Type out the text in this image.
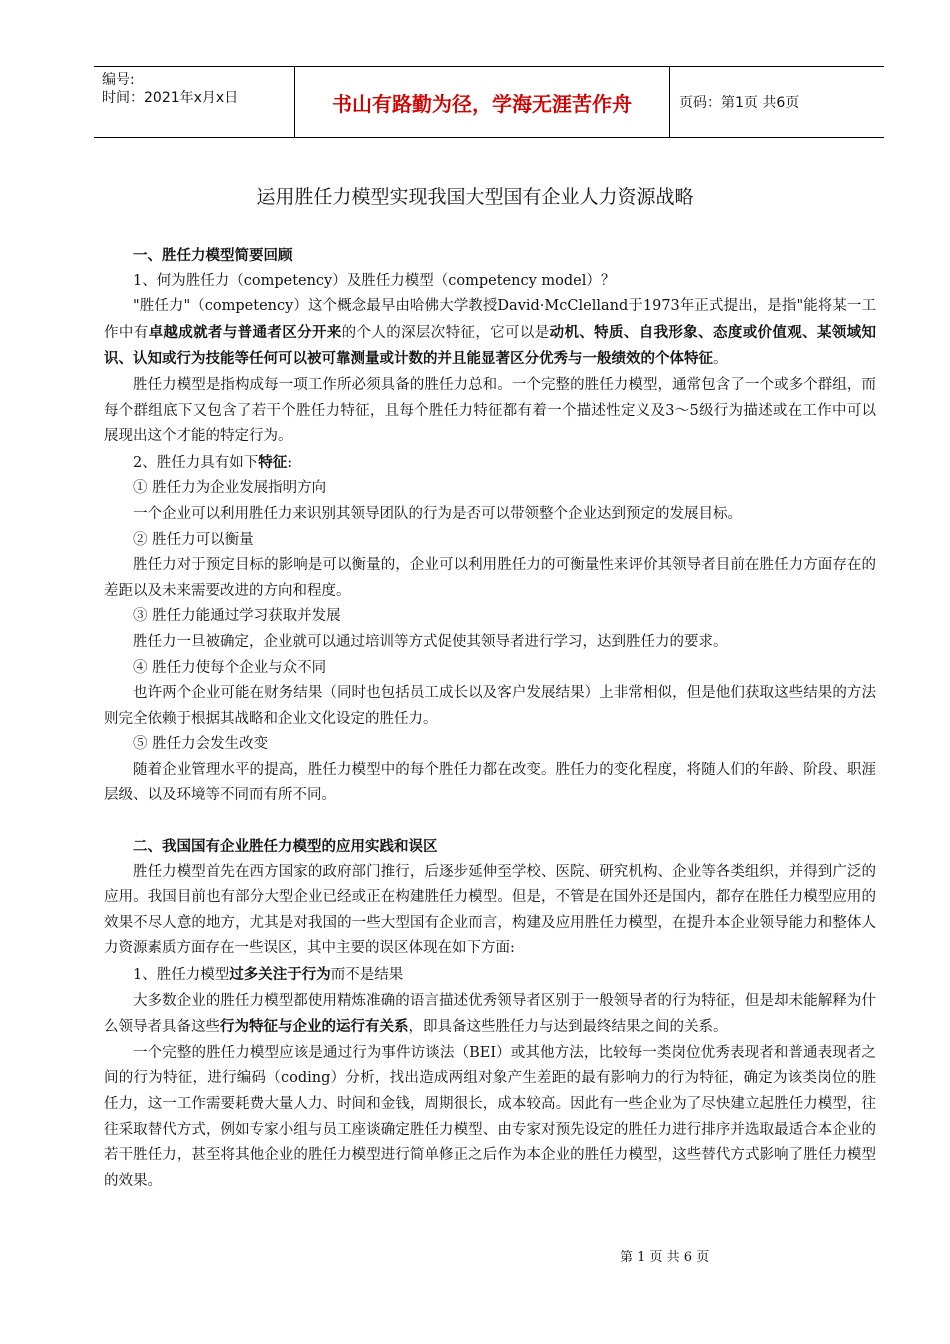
编号:
时间：2021年x月x日	书山有路勤为径，学海无涯苦作舟	页码：第1页 共6页
运用胜任力模型实现我国大型国有企业人力资源战略

一、胜任力模型简要回顾

1、何为胜任力（competency）及胜任力模型（competency model）？

"胜任力"（competency）这个概念最早由哈佛大学教授David·McClelland于1973年正式提出，是指"能将某一工作中有卓越成就者与普通者区分开来的个人的深层次特征，它可以是动机、特质、自我形象、态度或价值观、某领域知识、认知或行为技能等任何可以被可靠测量或计数的并且能显著区分优秀与一般绩效的个体特征。

胜任力模型是指构成每一项工作所必须具备的胜任力总和。一个完整的胜任力模型，通常包含了一个或多个群组，而每个群组底下又包含了若干个胜任力特征，且每个胜任力特征都有着一个描述性定义及3～5级行为描述或在工作中可以展现出这个才能的特定行为。

2、胜任力具有如下特征:

① 胜任力为企业发展指明方向

一个企业可以利用胜任力来识别其领导团队的行为是否可以带领整个企业达到预定的发展目标。

② 胜任力可以衡量

胜任力对于预定目标的影响是可以衡量的，企业可以利用胜任力的可衡量性来评价其领导者目前在胜任力方面存在的差距以及未来需要改进的方向和程度。

③ 胜任力能通过学习获取并发展

胜任力一旦被确定，企业就可以通过培训等方式促使其领导者进行学习，达到胜任力的要求。

④ 胜任力使每个企业与众不同

也许两个企业可能在财务结果（同时也包括员工成长以及客户发展结果）上非常相似，但是他们获取这些结果的方法则完全依赖于根据其战略和企业文化设定的胜任力。

⑤ 胜任力会发生改变

随着企业管理水平的提高，胜任力模型中的每个胜任力都在改变。胜任力的变化程度，将随人们的年龄、阶段、职涯层级、以及环境等不同而有所不同。

二、我国国有企业胜任力模型的应用实践和误区

胜任力模型首先在西方国家的政府部门推行，后逐步延伸至学校、医院、研究机构、企业等各类组织，并得到广泛的应用。我国目前也有部分大型企业已经或正在构建胜任力模型。但是，不管是在国外还是国内，都存在胜任力模型应用的效果不尽人意的地方，尤其是对我国的一些大型国有企业而言，构建及应用胜任力模型，在提升本企业领导能力和整体人力资源素质方面存在一些误区，其中主要的误区体现在如下方面:

1、胜任力模型过多关注于行为而不是结果

大多数企业的胜任力模型都使用精炼准确的语言描述优秀领导者区别于一般领导者的行为特征，但是却未能解释为什么领导者具备这些行为特征与企业的运行有关系，即具备这些胜任力与达到最终结果之间的关系。

一个完整的胜任力模型应该是通过行为事件访谈法（BEI）或其他方法，比较每一类岗位优秀表现者和普通表现者之间的行为特征，进行编码（coding）分析，找出造成两组对象产生差距的最有影响力的行为特征，确定为该类岗位的胜任力，这一工作需要耗费大量人力、时间和金钱，周期很长，成本较高。因此有一些企业为了尽快建立起胜任力模型，往往采取替代方式，例如专家小组与员工座谈确定胜任力模型、由专家对预先设定的胜任力进行排序并选取最适合本企业的若干胜任力，甚至将其他企业的胜任力模型进行简单修正之后作为本企业的胜任力模型，这些替代方式影响了胜任力模型的效果。

第 1 页 共 6 页
